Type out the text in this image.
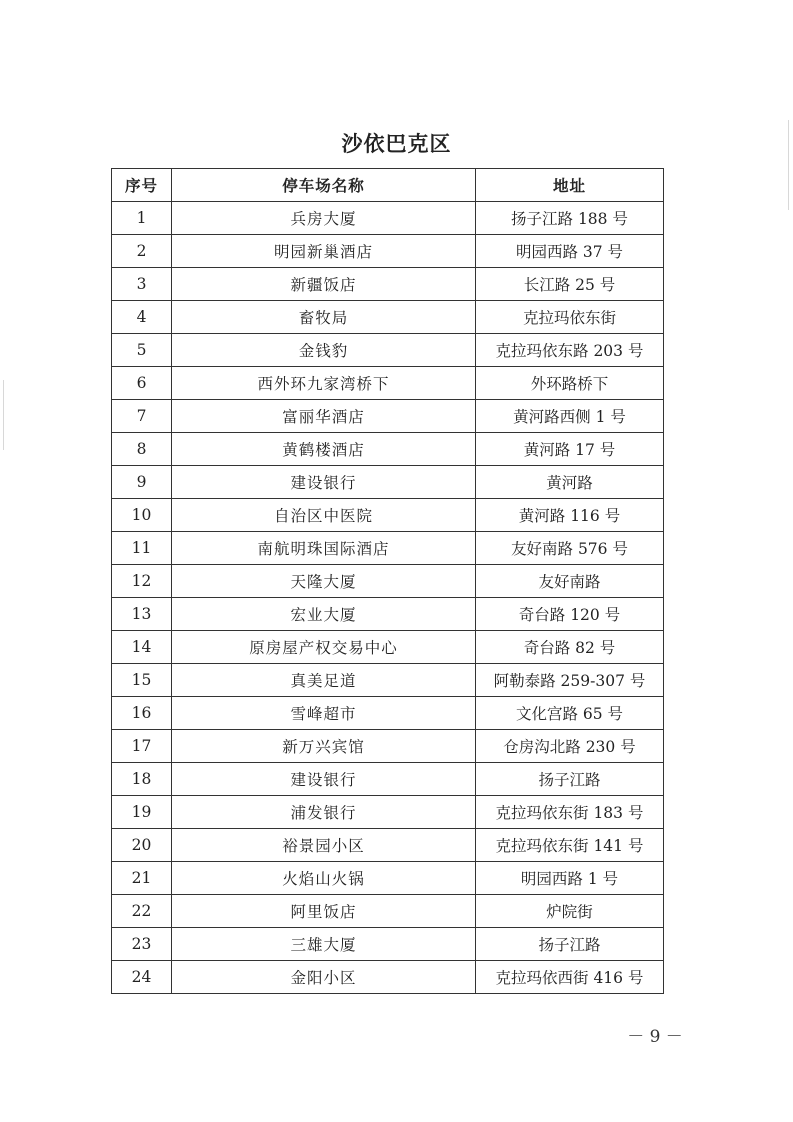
沙依巴克区
序号	停车场名称	地址
1	兵房大厦	扬子江路 188 号
2	明园新巢酒店	明园西路 37 号
3	新疆饭店	长江路 25 号
4	畜牧局	克拉玛依东街
5	金钱豹	克拉玛依东路 203 号
6	西外环九家湾桥下	外环路桥下
7	富丽华酒店	黄河路西侧 1 号
8	黄鹤楼酒店	黄河路 17 号
9	建设银行	黄河路
10	自治区中医院	黄河路 116 号
11	南航明珠国际酒店	友好南路 576 号
12	天隆大厦	友好南路
13	宏业大厦	奇台路 120 号
14	原房屋产权交易中心	奇台路 82 号
15	真美足道	阿勒泰路 259-307 号
16	雪峰超市	文化宫路 65 号
17	新万兴宾馆	仓房沟北路 230 号
18	建设银行	扬子江路
19	浦发银行	克拉玛依东街 183 号
20	裕景园小区	克拉玛依东街 141 号
21	火焰山火锅	明园西路 1 号
22	阿里饭店	炉院街
23	三雄大厦	扬子江路
24	金阳小区	克拉玛依西街 416 号
－ 9 －
